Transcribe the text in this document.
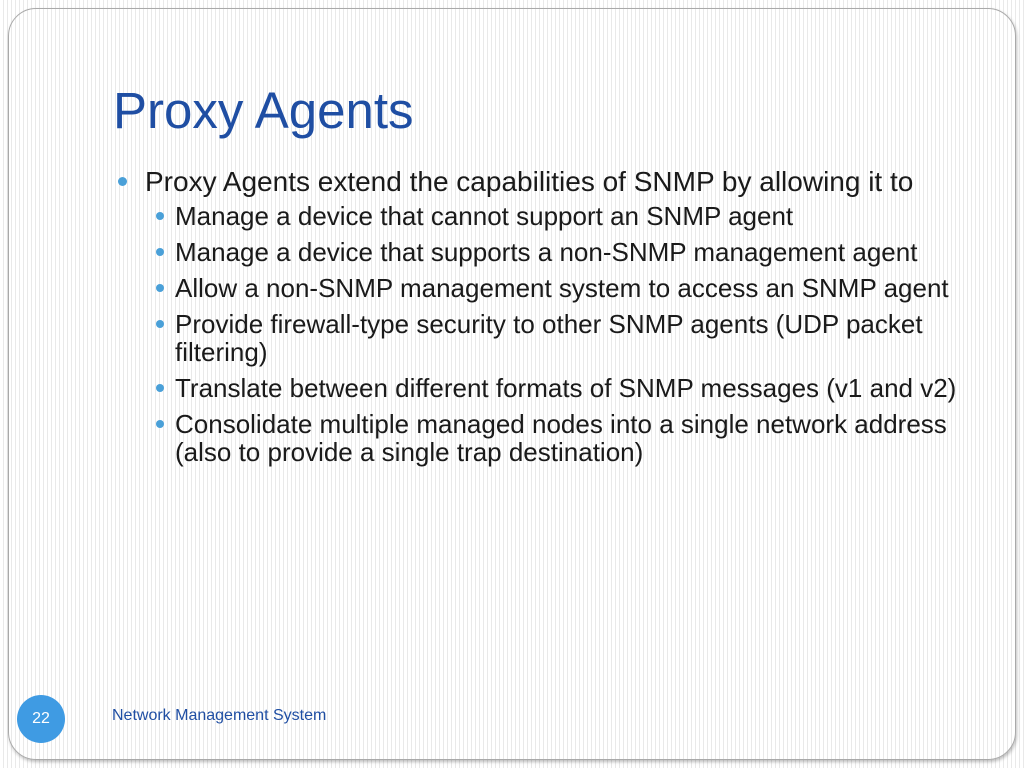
Proxy Agents
Proxy Agents extend the capabilities of SNMP by allowing it to
Manage a device that cannot support an SNMP agent
Manage a device that supports a non-SNMP management agent
Allow a non-SNMP management system to access an SNMP agent
Provide firewall-type security to other SNMP agents (UDP packet filtering)
Translate between different formats of SNMP messages (v1 and v2)
Consolidate multiple managed nodes into a single network address (also to provide a single trap destination)
22	Network Management System
